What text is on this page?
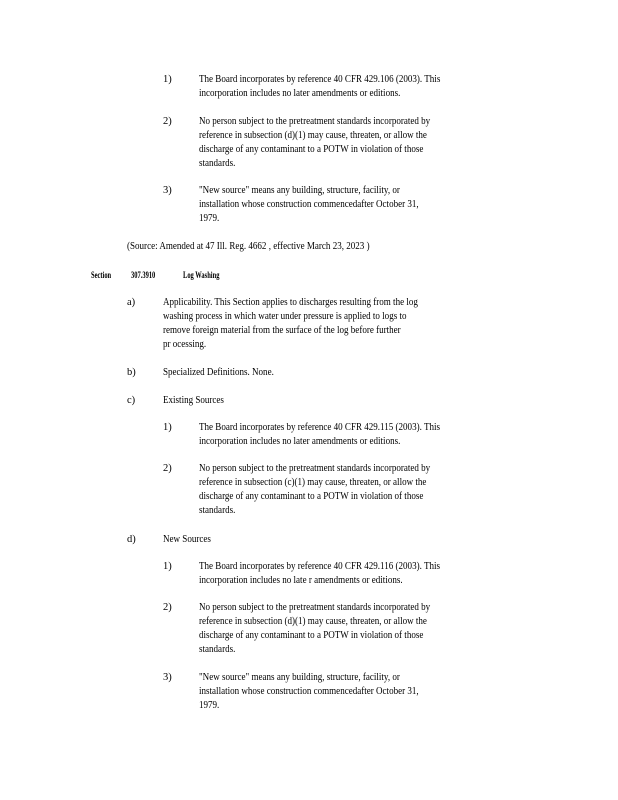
1)	The Board incorporates by reference 40 CFR 429.106 (2003). This
incorporation includes no later amendments or editions.
2)	No person subject to the pretreatment standards incorporated by
reference in subsection (d)(1) may cause, threaten, or allow the
discharge of any contaminant to a POTW in violation of those
standards.
3)	"New source" means any building, structure, facility, or
installation whose construction commencedafter October 31,
1979.
(Source: Amended at 47 Ill. Reg. 4662 , effective March 23, 2023 )
Section 307.3910	Log Washing
a)	Applicability. This Section applies to discharges resulting from the log
washing process in which water under pressure is applied to logs to
remove foreign material from the surface of the log before further
pr ocessing.
b)	Specialized Definitions. None.
c)	Existing Sources
1)	The Board incorporates by reference 40 CFR 429.115 (2003). This
incorporation includes no later amendments or editions.
2)	No person subject to the pretreatment standards incorporated by
reference in subsection (c)(1) may cause, threaten, or allow the
discharge of any contaminant to a POTW in violation of those
standards.
d)	New Sources
1)	The Board incorporates by reference 40 CFR 429.116 (2003). This
incorporation includes no late r amendments or editions.
2)	No person subject to the pretreatment standards incorporated by
reference in subsection (d)(1) may cause, threaten, or allow the
discharge of any contaminant to a POTW in violation of those
standards.
3)	"New source" means any building, structure, facility, or
installation whose construction commencedafter October 31,
1979.
